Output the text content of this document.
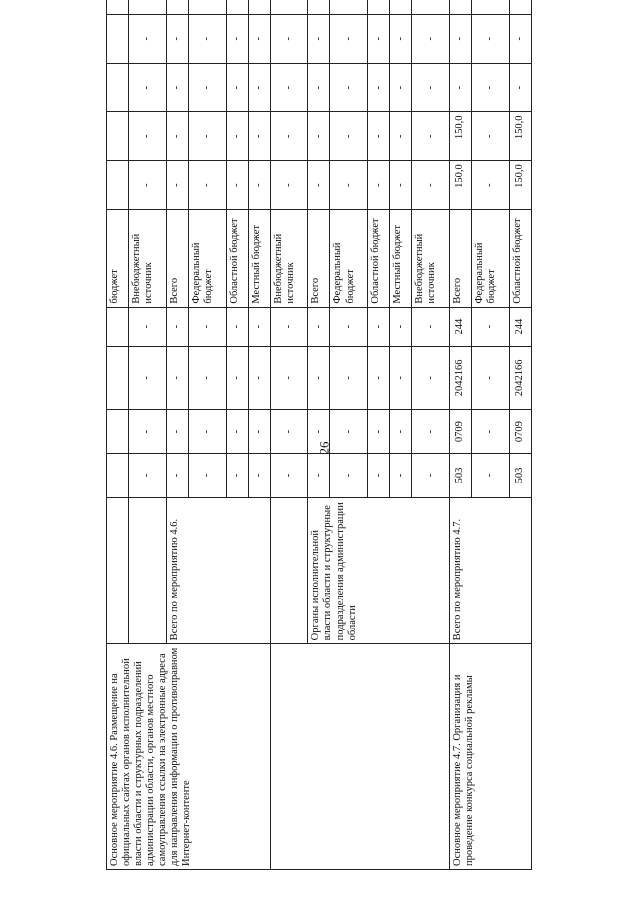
26
Основное мероприятие 4.6. Размещение на официальных сайтах органов исполнительной власти области и структурных подразделений администрации области, органов местного самоуправления ссылки на электронные адреса для направления информации о противоправном Интернет-контенте						бюджет					
		-	-	-	-	Внебюджетный источник	-	-	-	-	
	Всего по мероприятию 4.6.	-	-	-	-	Всего	-	-	-	-	
		-	-	-	-	Федеральный бюджет	-	-	-	-	
		-	-	-	-	Областной бюджет	-	-	-	-	
		-	-	-	-	Местный бюджет	-	-	-	-	
		-	-	-	-	Внебюджетный источник	-	-	-	-	
	Органы исполнительной власти области и структурные подразделения администрации области	-	-	-	-	Всего	-	-	-	-	
		-	-	-	-	Федеральный бюджет	-	-	-	-	
		-	-	-	-	Областной бюджет	-	-	-	-	
		-	-	-	-	Местный бюджет	-	-	-	-	
		-	-	-	-	Внебюджетный источник	-	-	-	-	
Основное мероприятие 4.7. Организация и проведение конкурса социальной рекламы	Всего по мероприятию 4.7.	503	0709	2042166	244	Всего	150,0	150,0	-	-	
		-	-	-	-	Федеральный бюджет	-	-	-	-	
		503	0709	2042166	244	Областной бюджет	150,0	150,0	-	-	
